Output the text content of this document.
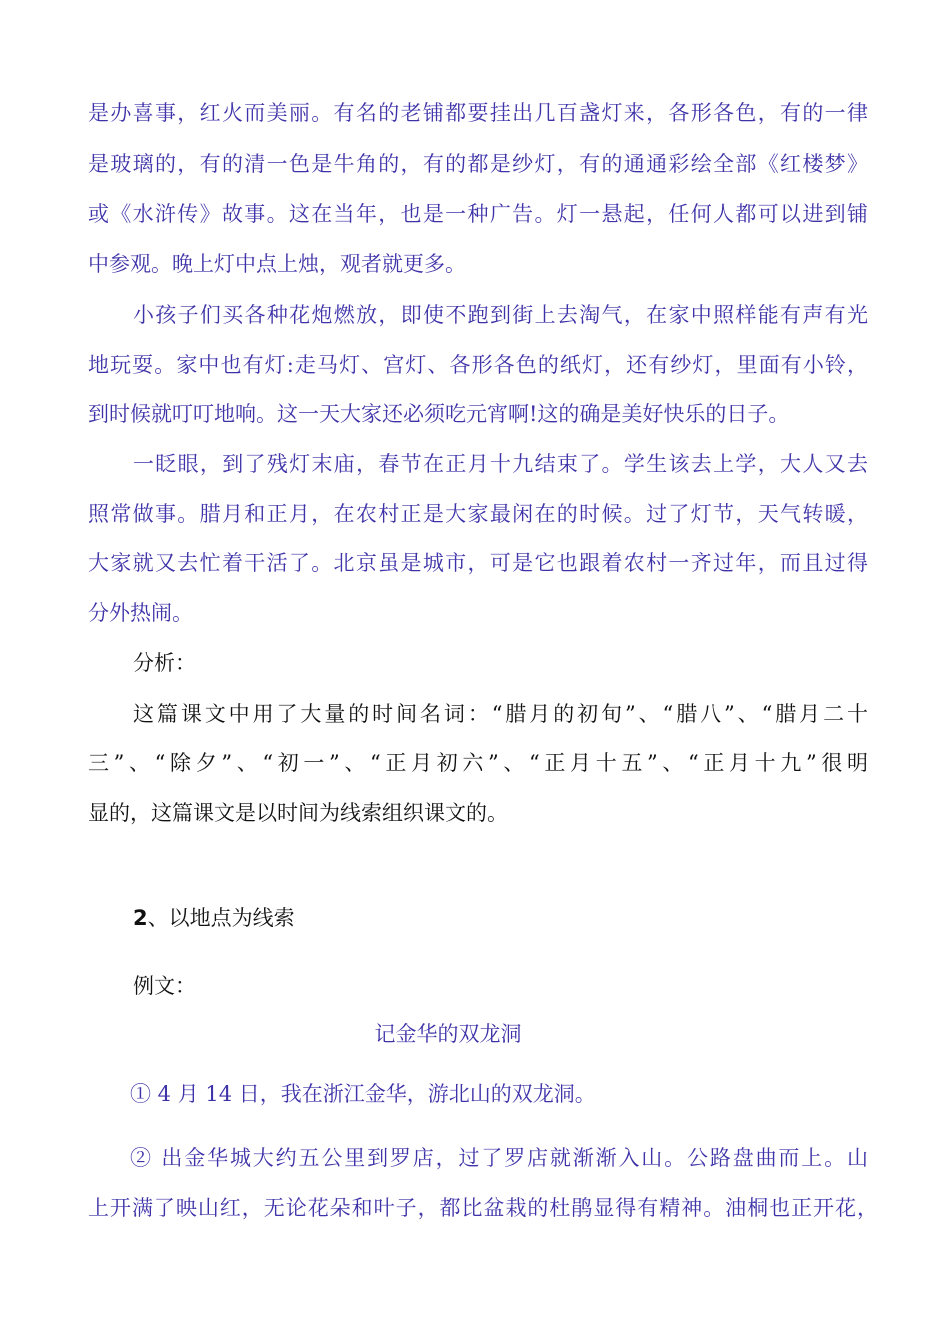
是办喜事，红火而美丽。有名的老铺都要挂出几百盏灯来，各形各色，有的一律
是玻璃的，有的清一色是牛角的，有的都是纱灯，有的通通彩绘全部《红楼梦》
或《水浒传》故事。这在当年，也是一种广告。灯一悬起，任何人都可以进到铺
中参观。晚上灯中点上烛，观者就更多。
小孩子们买各种花炮燃放，即使不跑到街上去淘气，在家中照样能有声有光
地玩耍。家中也有灯:走马灯、宫灯、各形各色的纸灯，还有纱灯，里面有小铃，
到时候就叮叮地响。这一天大家还必须吃元宵啊!这的确是美好快乐的日子。
一眨眼，到了残灯末庙，春节在正月十九结束了。学生该去上学，大人又去
照常做事。腊月和正月，在农村正是大家最闲在的时候。过了灯节，天气转暖，
大家就又去忙着干活了。北京虽是城市，可是它也跟着农村一齐过年，而且过得
分外热闹。
分析：
这篇课文中用了大量的时间名词：“腊月的初旬”、“腊八”、“腊月二十
三”、“除夕”、“初一”、“正月初六”、“正月十五”、“正月十九”很明
显的，这篇课文是以时间为线索组织课文的。
2、以地点为线索
例文：
记金华的双龙洞
① 4 月 14 日，我在浙江金华，游北山的双龙洞。
② 出金华城大约五公里到罗店，过了罗店就渐渐入山。公路盘曲而上。山
上开满了映山红，无论花朵和叶子，都比盆栽的杜鹃显得有精神。油桐也正开花，
